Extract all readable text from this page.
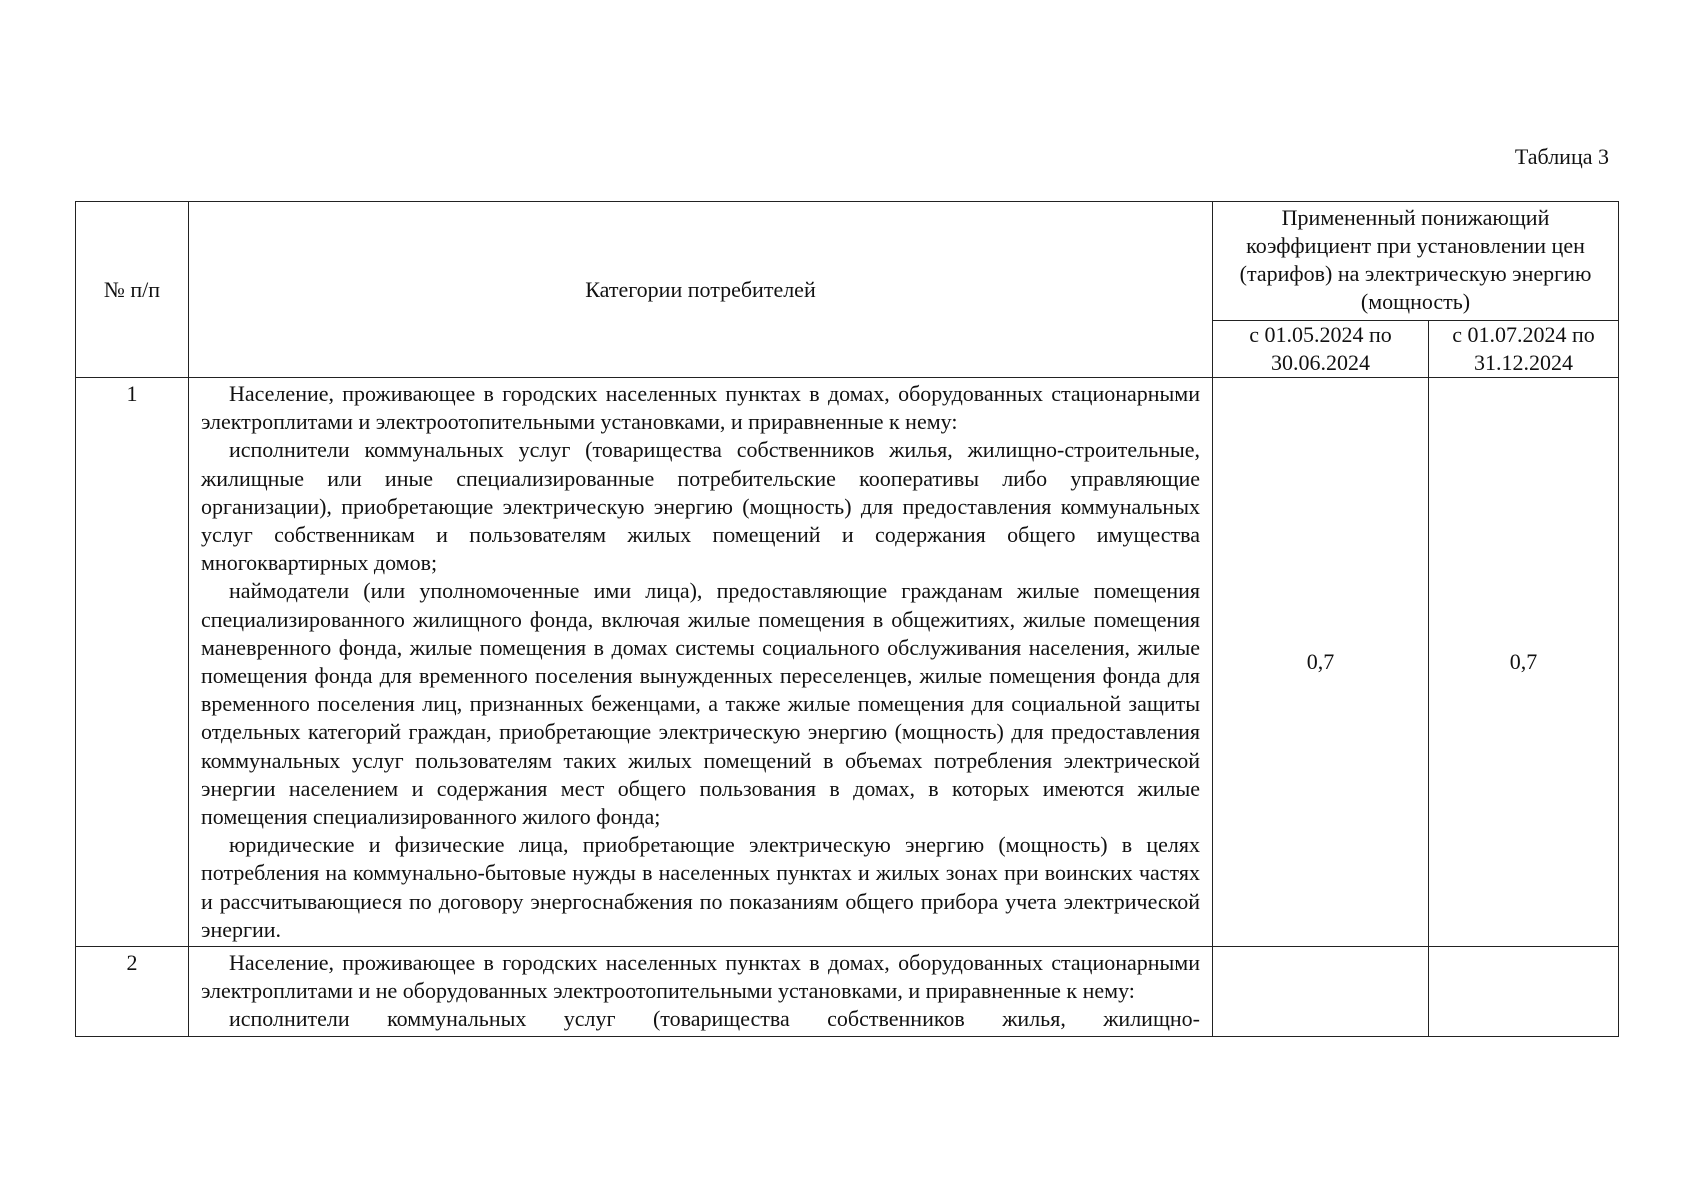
Таблица 3
№ п/п	Категории потребителей	Примененный понижающий коэффициент при установлении цен (тарифов) на электрическую энергию (мощность)	
		с 01.05.2024 по 30.06.2024	с 01.07.2024 по 31.12.2024
1	Население, проживающее в городских населенных пунктах в домах, оборудованных стационарными электроплитами и электроотопительными установками, и приравненные к нему:

исполнители коммунальных услуг (товарищества собственников жилья, жилищно-строительные, жилищные или иные специализированные потребительские кооперативы либо управляющие организации), приобретающие электрическую энергию (мощность) для предоставления коммунальных услуг собственникам и пользователям жилых помещений и содержания общего имущества многоквартирных домов;

наймодатели (или уполномоченные ими лица), предоставляющие гражданам жилые помещения специализированного жилищного фонда, включая жилые помещения в общежитиях, жилые помещения маневренного фонда, жилые помещения в домах системы социального обслуживания населения, жилые помещения фонда для временного поселения вынужденных переселенцев, жилые помещения фонда для временного поселения лиц, признанных беженцами, а также жилые помещения для социальной защиты отдельных категорий граждан, приобретающие электрическую энергию (мощность) для предоставления коммунальных услуг пользователям таких жилых помещений в объемах потребления электрической энергии населением и содержания мест общего пользования в домах, в которых имеются жилые помещения специализированного жилого фонда;

юридические и физические лица, приобретающие электрическую энергию (мощность) в целях потребления на коммунально-бытовые нужды в населенных пунктах и жилых зонах при воинских частях и рассчитывающиеся по договору энергоснабжения по показаниям общего прибора учета электрической энергии.	0,7	0,7
2	Население, проживающее в городских населенных пунктах в домах, оборудованных стационарными электроплитами и не оборудованных электроотопительными установками, и приравненные к нему:

исполнители коммунальных услуг (товарищества собственников жилья, жилищно-		
